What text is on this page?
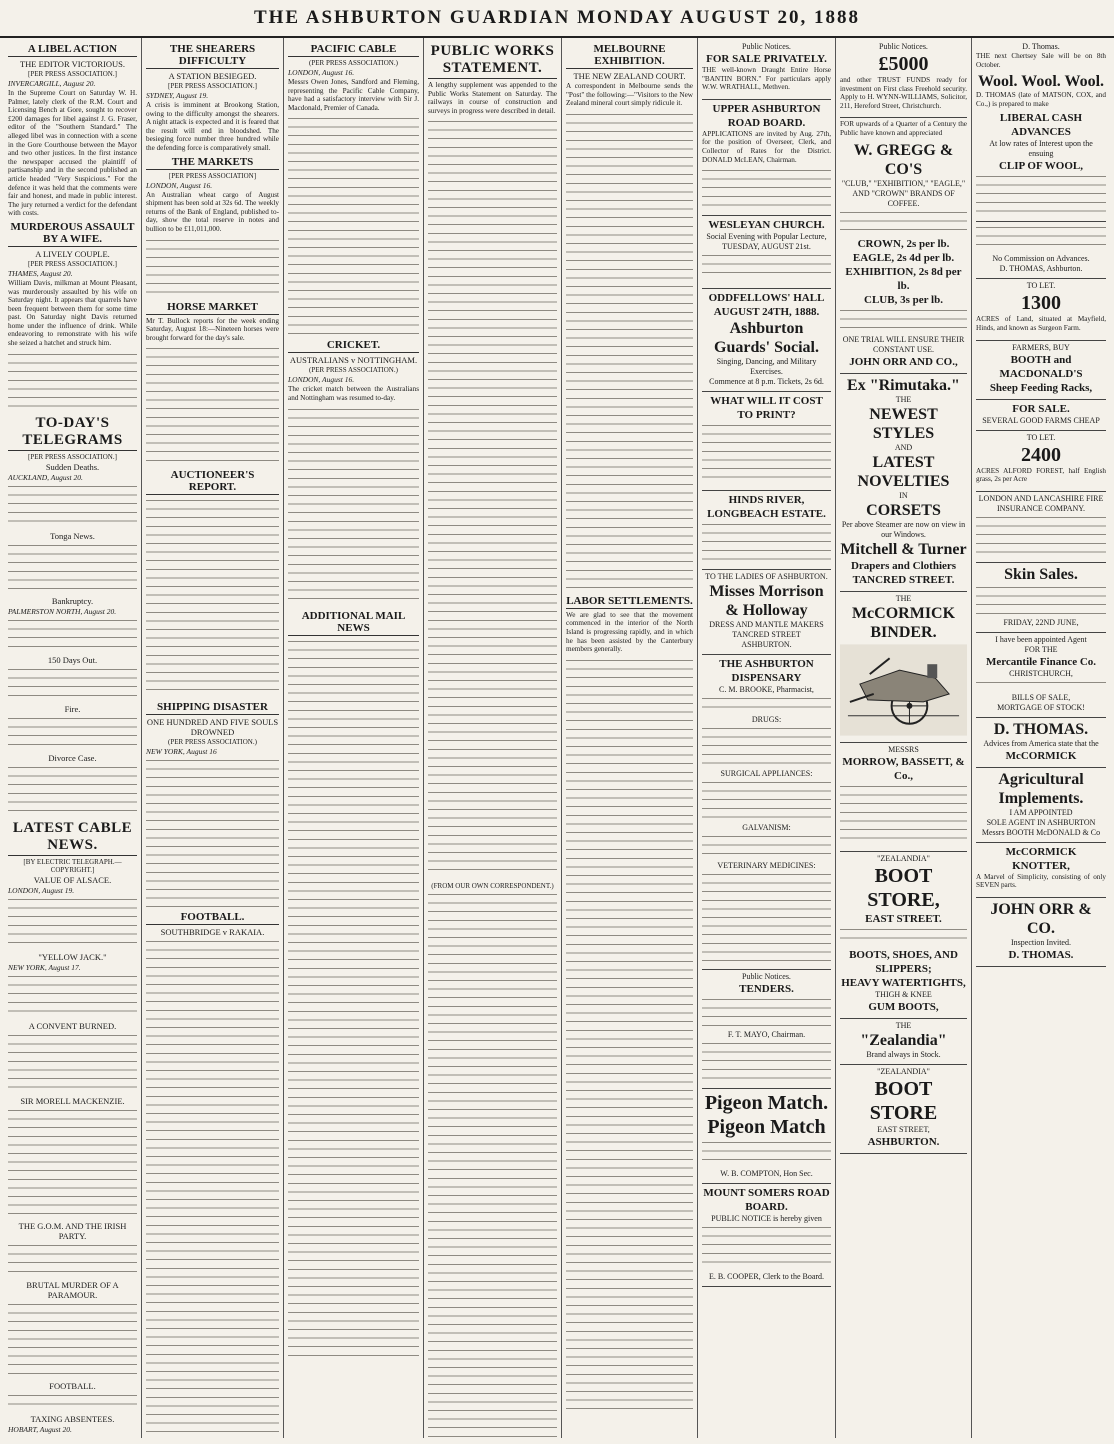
THE ASHBURTON GUARDIAN MONDAY AUGUST 20, 1888
A LIBEL ACTION
THE EDITOR VICTORIOUS.
[PER PRESS ASSOCIATION.]
INVERCARGILL, August 20.

In the Supreme Court on Saturday W. H. Palmer, lately clerk of the R.M. Court and Licensing Bench at Gore, sought to recover £200 damages for libel against J. G. Fraser, editor of the "Southern Standard." The alleged libel was in connection with a scene in the Gore Courthouse between the Mayor and two other justices. In the first instance the newspaper accused the plaintiff of partisanship and in the second published an article headed "Very Suspicious." For the defence it was held that the comments were fair and honest, and made in public interest. The jury returned a verdict for the defendant with costs.

MURDEROUS ASSAULT BY A WIFE.
A LIVELY COUPLE.
[PER PRESS ASSOCIATION.]
THAMES, August 20.

William Davis, milkman at Mount Pleasant, was murderously assaulted by his wife on Saturday night. It appears that quarrels have been frequent between them for some time past. On Saturday night Davis returned home under the influence of drink. While endeavoring to remonstrate with his wife she seized a hatchet and struck him.

TO-DAY'S TELEGRAMS
[PER PRESS ASSOCIATION.]
Sudden Deaths.
AUCKLAND, August 20.
Tonga News.
Bankruptcy.
PALMERSTON NORTH, August 20.
150 Days Out.
Fire.
Divorce Case.
LATEST CABLE NEWS.
[BY ELECTRIC TELEGRAPH.—COPYRIGHT.]
VALUE OF ALSACE.
LONDON, August 19.
"YELLOW JACK."
NEW YORK, August 17.
A CONVENT BURNED.
SIR MORELL MACKENZIE.
THE G.O.M. AND THE IRISH PARTY.
BRUTAL MURDER OF A PARAMOUR.
FOOTBALL.
TAXING ABSENTEES.
HOBART, August 20.
THE SHEARERS DIFFICULTY
A STATION BESIEGED.
[PER PRESS ASSOCIATION.]
SYDNEY, August 19.

A crisis is imminent at Brookong Station, owing to the difficulty amongst the shearers. A night attack is expected and it is feared that the result will end in bloodshed. The besieging force number three hundred while the defending force is comparatively small.

THE MARKETS
[PER PRESS ASSOCIATION]
LONDON, August 16.

An Australian wheat cargo of August shipment has been sold at 32s 6d. The weekly returns of the Bank of England, published to-day, show the total reserve in notes and bullion to be £11,011,000.

HORSE MARKET

Mr T. Bullock reports for the week ending Saturday, August 18:—Nineteen horses were brought forward for the day's sale.

AUCTIONEER'S REPORT.
SHIPPING DISASTER
ONE HUNDRED AND FIVE SOULS DROWNED
(PER PRESS ASSOCIATION.)
NEW YORK, August 16
FOOTBALL.
SOUTHBRIDGE v RAKAIA.
PACIFIC CABLE
(PER PRESS ASSOCIATION.)
LONDON, August 16.

Messrs Owen Jones, Sandford and Fleming, representing the Pacific Cable Company, have had a satisfactory interview with Sir J. Macdonald, Premier of Canada.

CRICKET.
AUSTRALIANS v NOTTINGHAM.
(PER PRESS ASSOCIATION.)
LONDON, August 16.

The cricket match between the Australians and Nottingham was resumed to-day.

ADDITIONAL MAIL NEWS
PUBLIC WORKS STATEMENT.

A lengthy supplement was appended to the Public Works Statement on Saturday. The railways in course of construction and surveys in progress were described in detail.

(FROM OUR OWN CORRESPONDENT.)
MELBOURNE EXHIBITION.
THE NEW ZEALAND COURT.

A correspondent in Melbourne sends the "Post" the following:—"Visitors to the New Zealand mineral court simply ridicule it.

LABOR SETTLEMENTS.

We are glad to see that the movement commenced in the interior of the North Island is progressing rapidly, and in which he has been assisted by the Canterbury members generally.

Public Notices.
FOR SALE PRIVATELY.

THE well-known Draught Entire Horse "BANTIN BORN." For particulars apply W.W. WRATHALL, Methven.

UPPER ASHBURTON ROAD BOARD.

APPLICATIONS are invited by Aug. 27th, for the position of Overseer, Clerk, and Collector of Rates for the District. DONALD McLEAN, Chairman.

WESLEYAN CHURCH.
Social Evening with Popular Lecture,
TUESDAY, AUGUST 21st.
ODDFELLOWS' HALL
AUGUST 24TH, 1888.
Ashburton Guards' Social.
Singing, Dancing, and Military Exercises.
Commence at 8 p.m. Tickets, 2s 6d.
WHAT WILL IT COST TO PRINT?
HINDS RIVER, LONGBEACH ESTATE.
TO THE LADIES OF ASHBURTON.
Misses Morrison & Holloway
DRESS AND MANTLE MAKERS
TANCRED STREET
ASHBURTON.
THE ASHBURTON DISPENSARY
C. M. BROOKE, Pharmacist,
DRUGS:
SURGICAL APPLIANCES:
GALVANISM:
VETERINARY MEDICINES:
Public Notices.
TENDERS.
F. T. MAYO, Chairman.
Pigeon Match.
Pigeon Match
W. B. COMPTON, Hon Sec.
MOUNT SOMERS ROAD BOARD.
PUBLIC NOTICE is hereby given
E. B. COOPER, Clerk to the Board.
Public Notices.
£5000

and other TRUST FUNDS ready for investment on First class Freehold security. Apply to H. WYNN-WILLIAMS, Solicitor, 211, Hereford Street, Christchurch.

FOR upwards of a Quarter of a Century the Public have known and appreciated

W. GREGG & CO'S
"CLUB," "EXHIBITION," "EAGLE," AND "CROWN" BRANDS OF COFFEE.
CROWN, 2s per lb.
EAGLE, 2s 4d per lb.
EXHIBITION, 2s 8d per lb.
CLUB, 3s per lb.
ONE TRIAL WILL ENSURE THEIR CONSTANT USE.
JOHN ORR AND CO.,
Ex "Rimutaka."
THE
NEWEST STYLES
AND
LATEST NOVELTIES
IN
CORSETS
Per above Steamer are now on view in our Windows.
Mitchell & Turner
Drapers and Clothiers
TANCRED STREET.
THE
McCORMICK
BINDER.
MESSRS
MORROW, BASSETT, & Co.,
"ZEALANDIA"
BOOT STORE,
EAST STREET.
BOOTS, SHOES, AND SLIPPERS;
HEAVY WATERTIGHTS,
THIGH & KNEE
GUM BOOTS,
THE
"Zealandia"
Brand always in Stock.
"ZEALANDIA"
BOOT STORE
EAST STREET,
ASHBURTON.
D. Thomas.

THE next Chertsey Sale will be on 8th October.

Wool. Wool. Wool.

D. THOMAS (late of MATSON, COX, and Co.,) is prepared to make

LIBERAL CASH ADVANCES
At low rates of Interest upon the ensuing
CLIP OF WOOL,
No Commission on Advances.
D. THOMAS, Ashburton.
TO LET.
1300

ACRES of Land, situated at Mayfield, Hinds, and known as Surgeon Farm.

FARMERS, BUY
BOOTH and MACDONALD'S
Sheep Feeding Racks,
FOR SALE.
SEVERAL GOOD FARMS CHEAP
TO LET.
2400

ACRES ALFORD FOREST, half English grass, 2s per Acre

LONDON AND LANCASHIRE FIRE INSURANCE COMPANY.
Skin Sales.
FRIDAY, 22ND JUNE,
I have been appointed Agent
FOR THE
Mercantile Finance Co.
CHRISTCHURCH,
BILLS OF SALE,
MORTGAGE OF STOCK!
D. THOMAS.
Advices from America state that the
McCORMICK
Agricultural Implements.
I AM APPOINTED
SOLE AGENT IN ASHBURTON
Messrs BOOTH McDONALD & Co
McCORMICK KNOTTER,

A Marvel of Simplicity, consisting of only SEVEN parts.

JOHN ORR & CO.
Inspection Invited.
D. THOMAS.
